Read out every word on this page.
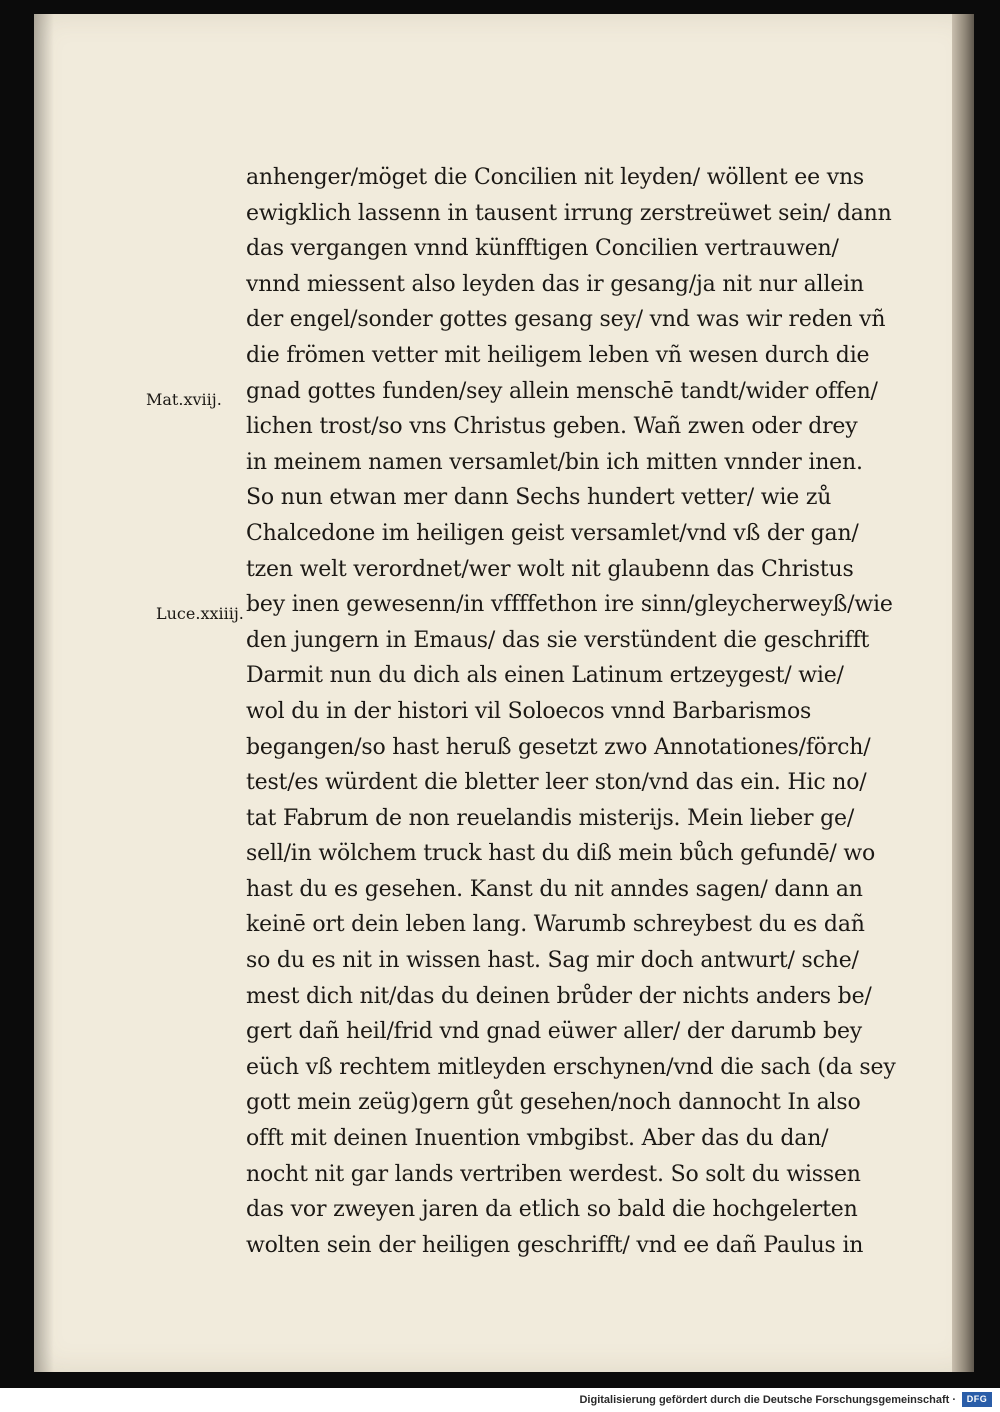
anhenger/möget die Concilien nit leyden/ wöllent ee vns
ewigklich lassenn in tausent irrung zerstreüwet sein/ dann
das vergangen vnnd künfftigen Concilien vertrauwen/
vnnd miessent also leyden das ir gesang/ja nit nur allein
der engel/sonder gottes gesang sey/ vnd was wir reden vñ
die frömen vetter mit heiligem leben vñ wesen durch die
gnad gottes funden/sey allein menschē tandt/wider offen/
lichen trost/so vns Christus geben. Wañ zwen oder drey
in meinem namen versamlet/bin ich mitten vnnder inen.
So nun etwan mer dann Sechs hundert vetter/ wie zů
Chalcedone im heiligen geist versamlet/vnd vß der gan/
tzen welt verordnet/wer wolt nit glaubenn das Christus
bey inen gewesenn/in vffffethon ire sinn/gleycherweyß/wie
den jungern in Emaus/ das sie verstündent die geschrifft
Darmit nun du dich als einen Latinum ertzeygest/ wie/
wol du in der histori vil Soloecos vnnd Barbarismos
begangen/so hast heruß gesetzt zwo Annotationes/förch/
test/es würdent die bletter leer ston/vnd das ein. Hic no/
tat Fabrum de non reuelandis misterijs. Mein lieber ge/
sell/in wölchem truck hast du diß mein bůch gefundē/ wo
hast du es gesehen. Kanst du nit anndes sagen/ dann an
keinē ort dein leben lang. Warumb schreybest du es dañ
so du es nit in wissen hast. Sag mir doch antwurt/ sche/
mest dich nit/das du deinen brůder der nichts anders be/
gert dañ heil/frid vnd gnad eüwer aller/ der darumb bey
eüch vß rechtem mitleyden erschynen/vnd die sach (da sey
gott mein zeüg)gern gůt gesehen/noch dannocht In also
offt mit deinen Inuention vmbgibst. Aber das du dan/
nocht nit gar lands vertriben werdest. So solt du wissen
das vor zweyen jaren da etlich so bald die hochgelerten
wolten sein der heiligen geschrifft/ vnd ee dañ Paulus in
Mat.xviij.
Luce.xxiiij.
Digitalisierung gefördert durch die Deutsche Forschungsgemeinschaft ·	DFG
